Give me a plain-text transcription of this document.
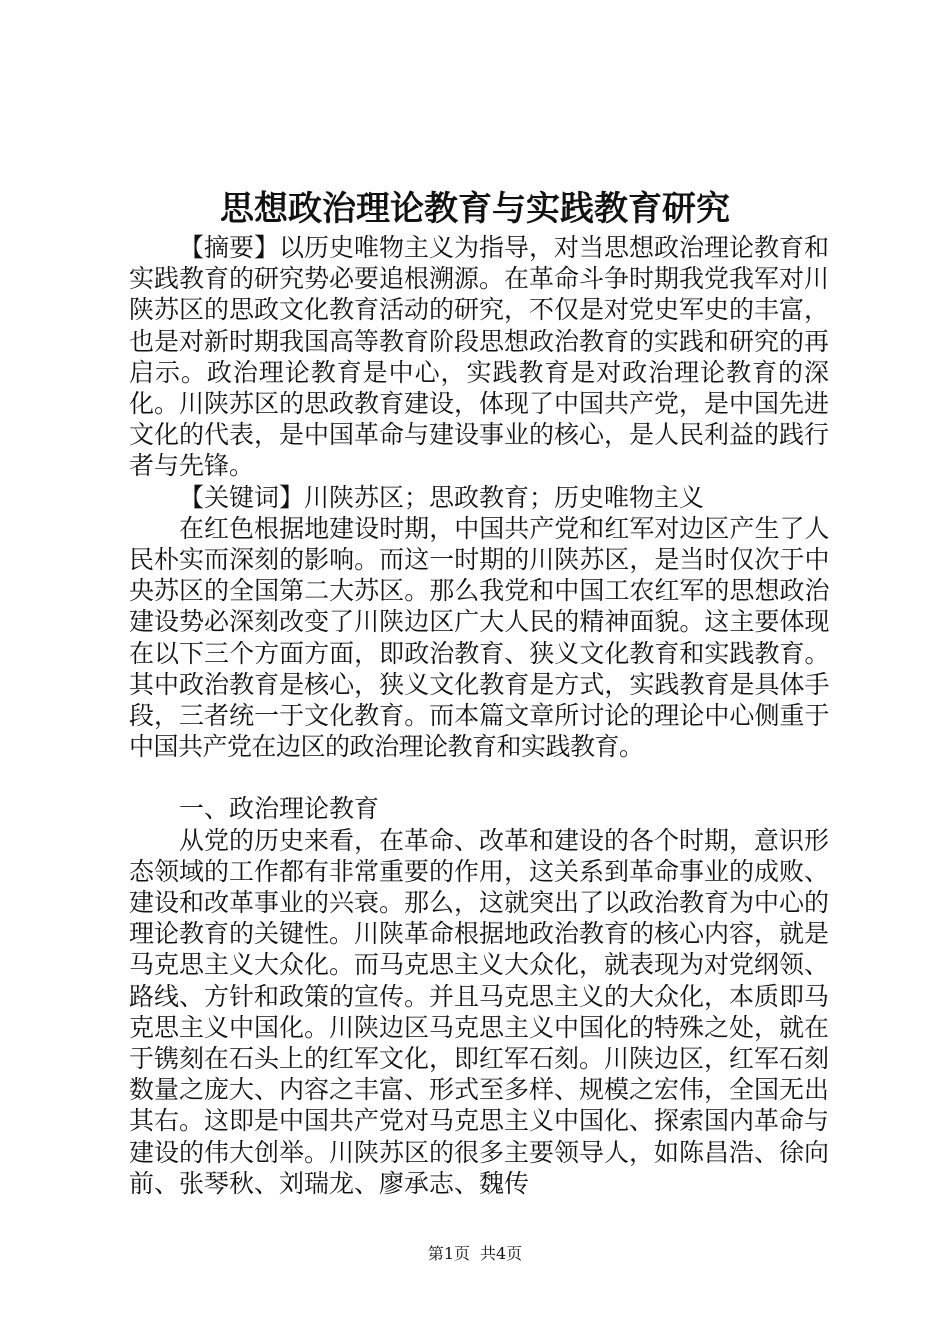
思想政治理论教育与实践教育研究

【摘要】以历史唯物主义为指导，对当思想政治理论教育和实践教育的研究势必要追根溯源。在革命斗争时期我党我军对川陕苏区的思政文化教育活动的研究，不仅是对党史军史的丰富，也是对新时期我国高等教育阶段思想政治教育的实践和研究的再启示。政治理论教育是中心，实践教育是对政治理论教育的深化。川陕苏区的思政教育建设，体现了中国共产党，是中国先进文化的代表，是中国革命与建设事业的核心，是人民利益的践行者与先锋。

【关键词】川陕苏区；思政教育；历史唯物主义

在红色根据地建设时期，中国共产党和红军对边区产生了人民朴实而深刻的影响。而这一时期的川陕苏区，是当时仅次于中央苏区的全国第二大苏区。那么我党和中国工农红军的思想政治建设势必深刻改变了川陕边区广大人民的精神面貌。这主要体现在以下三个方面方面，即政治教育、狭义文化教育和实践教育。其中政治教育是核心，狭义文化教育是方式，实践教育是具体手段，三者统一于文化教育。而本篇文章所讨论的理论中心侧重于中国共产党在边区的政治理论教育和实践教育。

一、政治理论教育

从党的历史来看，在革命、改革和建设的各个时期，意识形态领域的工作都有非常重要的作用，这关系到革命事业的成败、建设和改革事业的兴衰。那么，这就突出了以政治教育为中心的理论教育的关键性。川陕革命根据地政治教育的核心内容，就是马克思主义大众化。而马克思主义大众化，就表现为对党纲领、路线、方针和政策的宣传。并且马克思主义的大众化，本质即马克思主义中国化。川陕边区马克思主义中国化的特殊之处，就在于镌刻在石头上的红军文化，即红军石刻。川陕边区，红军石刻数量之庞大、内容之丰富、形式至多样、规模之宏伟，全国无出其右。这即是中国共产党对马克思主义中国化、探索国内革命与建设的伟大创举。川陕苏区的很多主要领导人，如陈昌浩、徐向前、张琴秋、刘瑞龙、廖承志、魏传

第1页 共4页
